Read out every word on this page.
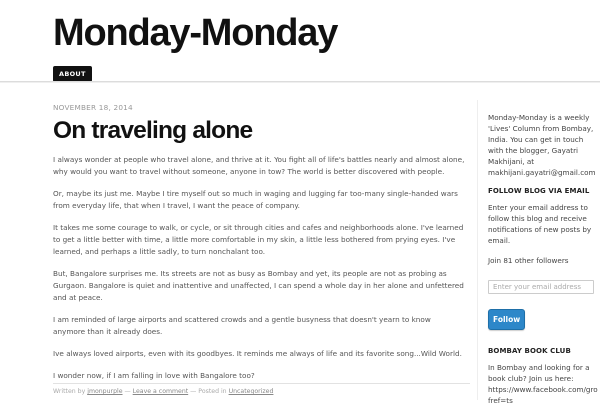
Monday-Monday
ABOUT

NOVEMBER 18, 2014

On traveling alone

I always wonder at people who travel alone, and thrive at it. You fight all of life's battles nearly and almost alone,
why would you want to travel without someone, anyone in tow? The world is better discovered with people.

Or, maybe its just me. Maybe I tire myself out so much in waging and lugging far too-many single-handed wars
from everyday life, that when I travel, I want the peace of company.

It takes me some courage to walk, or cycle, or sit through cities and cafes and neighborhoods alone. I've learned
to get a little better with time, a little more comfortable in my skin, a little less bothered from prying eyes. I've
learned, and perhaps a little sadly, to turn nonchalant too.

But, Bangalore surprises me. Its streets are not as busy as Bombay and yet, its people are not as probing as
Gurgaon. Bangalore is quiet and inattentive and unaffected, I can spend a whole day in her alone and unfettered
and at peace.

I am reminded of large airports and scattered crowds and a gentle busyness that doesn't yearn to know
anymore than it already does.

Ive always loved airports, even with its goodbyes. It reminds me always of life and its favorite song...Wild World.

I wonder now, if I am falling in love with Bangalore too?

Written by jmonpurple — Leave a comment — Posted in Uncategorized

Monday-Monday is a weekly
'Lives' Column from Bombay,
India. You can get in touch
with the blogger, Gayatri
Makhijani, at
makhijani.gayatri@gmail.com

FOLLOW BLOG VIA EMAIL

Enter your email address to
follow this blog and receive
notifications of new posts by
email.

Join 81 other followers

Enter your email address
Follow

BOMBAY BOOK CLUB

In Bombay and looking for a
book club? Join us here:
https://www.facebook.com/gro
fref=ts
